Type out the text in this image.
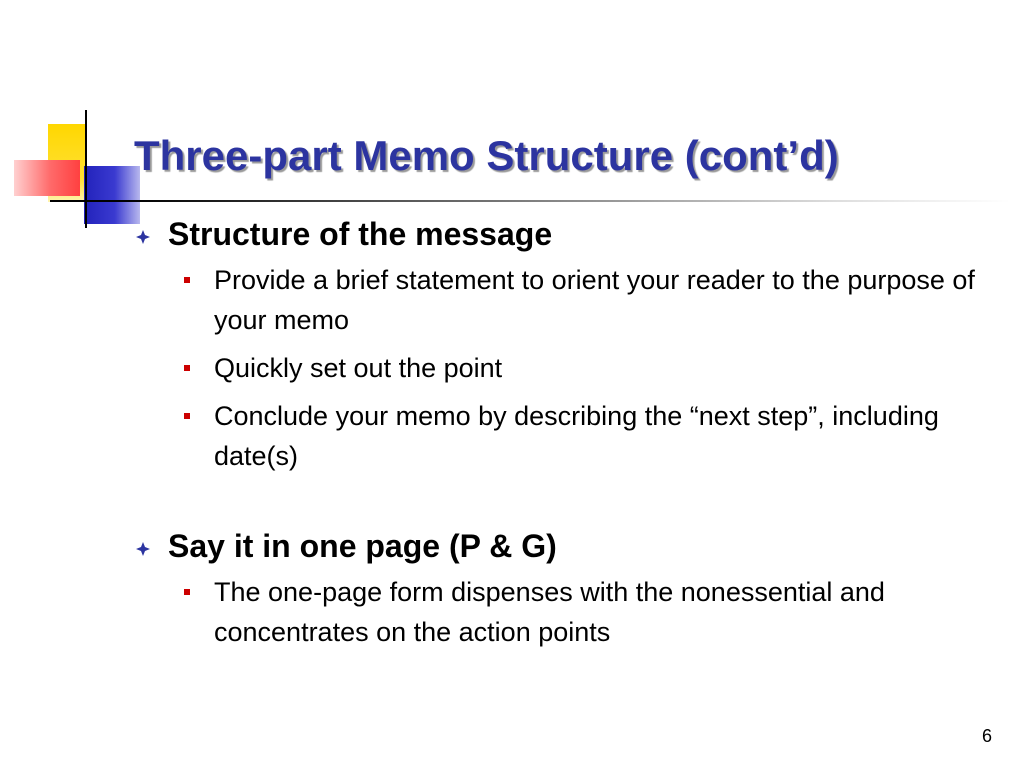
Three-part Memo Structure (cont’d)
Structure of the message
Provide a brief statement to orient your reader to the purpose of your memo
Quickly set out the point
Conclude your memo by describing the “next step”, including date(s)
Say it in one page (P & G)
The one-page form dispenses with the nonessential and concentrates on the action points
6
